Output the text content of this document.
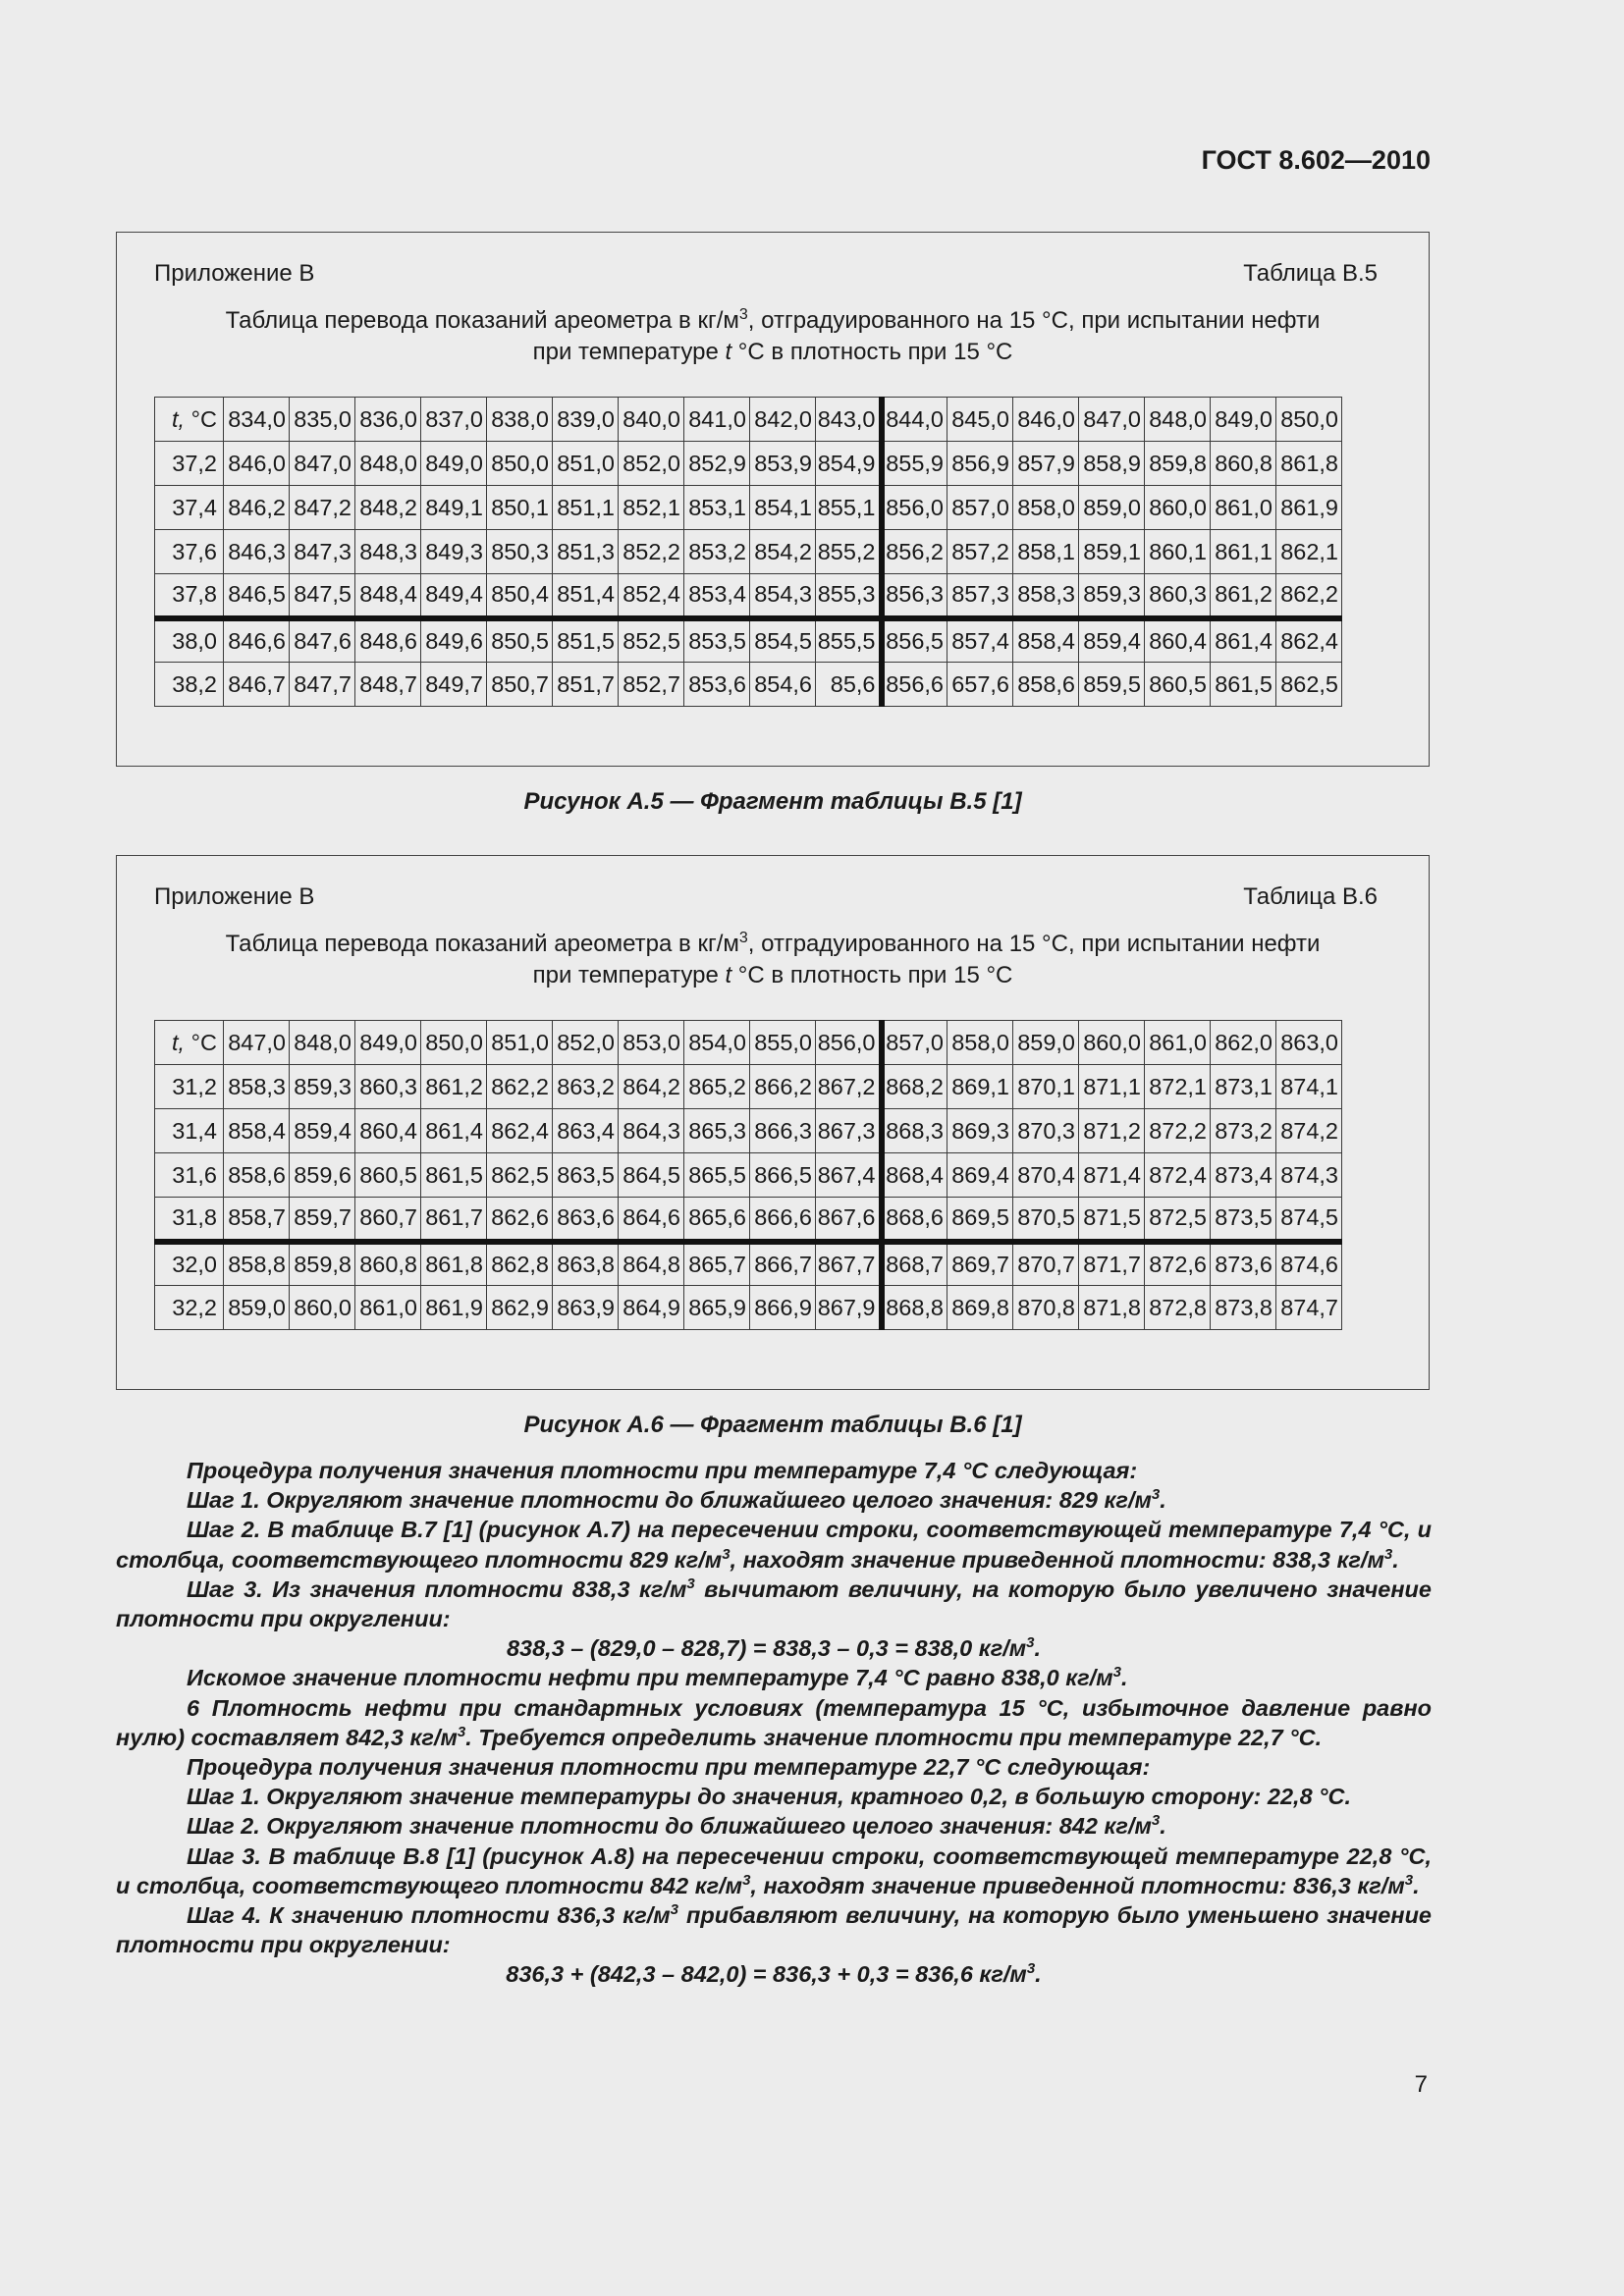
ГОСТ 8.602—2010
Приложение В	Таблица В.5
Таблица перевода показаний ареометра в $кг/м^3$, отградуированного на 15 °С, при испытании нефти
при температуре t °С в плотность при 15 °С
t, °С	834,0	835,0	836,0	837,0	838,0	839,0	840,0	841,0	842,0	843,0	844,0	845,0	846,0	847,0	848,0	849,0	850,0
37,2	846,0	847,0	848,0	849,0	850,0	851,0	852,0	852,9	853,9	854,9	855,9	856,9	857,9	858,9	859,8	860,8	861,8
37,4	846,2	847,2	848,2	849,1	850,1	851,1	852,1	853,1	854,1	855,1	856,0	857,0	858,0	859,0	860,0	861,0	861,9
37,6	846,3	847,3	848,3	849,3	850,3	851,3	852,2	853,2	854,2	855,2	856,2	857,2	858,1	859,1	860,1	861,1	862,1
37,8	846,5	847,5	848,4	849,4	850,4	851,4	852,4	853,4	854,3	855,3	856,3	857,3	858,3	859,3	860,3	861,2	862,2
38,0	846,6	847,6	848,6	849,6	850,5	851,5	852,5	853,5	854,5	855,5	856,5	857,4	858,4	859,4	860,4	861,4	862,4
38,2	846,7	847,7	848,7	849,7	850,7	851,7	852,7	853,6	854,6	85,6	856,6	657,6	858,6	859,5	860,5	861,5	862,5
Рисунок А.5 — Фрагмент таблицы В.5 [1]
Приложение В	Таблица В.6
Таблица перевода показаний ареометра в $кг/м^3$, отградуированного на 15 °С, при испытании нефти
при температуре t °С в плотность при 15 °С
t, °С	847,0	848,0	849,0	850,0	851,0	852,0	853,0	854,0	855,0	856,0	857,0	858,0	859,0	860,0	861,0	862,0	863,0
31,2	858,3	859,3	860,3	861,2	862,2	863,2	864,2	865,2	866,2	867,2	868,2	869,1	870,1	871,1	872,1	873,1	874,1
31,4	858,4	859,4	860,4	861,4	862,4	863,4	864,3	865,3	866,3	867,3	868,3	869,3	870,3	871,2	872,2	873,2	874,2
31,6	858,6	859,6	860,5	861,5	862,5	863,5	864,5	865,5	866,5	867,4	868,4	869,4	870,4	871,4	872,4	873,4	874,3
31,8	858,7	859,7	860,7	861,7	862,6	863,6	864,6	865,6	866,6	867,6	868,6	869,5	870,5	871,5	872,5	873,5	874,5
32,0	858,8	859,8	860,8	861,8	862,8	863,8	864,8	865,7	866,7	867,7	868,7	869,7	870,7	871,7	872,6	873,6	874,6
32,2	859,0	860,0	861,0	861,9	862,9	863,9	864,9	865,9	866,9	867,9	868,8	869,8	870,8	871,8	872,8	873,8	874,7
Рисунок А.6 — Фрагмент таблицы В.6 [1]

Процедура получения значения плотности при температуре 7,4 °С следующая:

Шаг 1. Округляют значение плотности до ближайшего целого значения: 829 $кг/м^3$.

Шаг 2. В таблице В.7 [1] (рисунок А.7) на пересечении строки, соответствующей температуре 7,4 °С, и столбца, соответствующего плотности 829 $кг/м^3$, находят значение приведенной плотности: 838,3 $кг/м^3$.

Шаг 3. Из значения плотности 838,3 $кг/м^3$ вычитают величину, на которую было увеличено значение плотности при округлении:

838,3 – (829,0 – 828,7) = 838,3 – 0,3 = 838,0 $кг/м^3$.

Искомое значение плотности нефти при температуре 7,4 °С равно 838,0 $кг/м^3$.

6 Плотность нефти при стандартных условиях (температура 15 °С, избыточное давление равно нулю) составляет 842,3 $кг/м^3$. Требуется определить значение плотности при температуре 22,7 °С.

Процедура получения значения плотности при температуре 22,7 °С следующая:

Шаг 1. Округляют значение температуры до значения, кратного 0,2, в большую сторону: 22,8 °С.

Шаг 2. Округляют значение плотности до ближайшего целого значения: 842 $кг/м^3$.

Шаг 3. В таблице В.8 [1] (рисунок А.8) на пересечении строки, соответствующей температуре 22,8 °С, и столбца, соответствующего плотности 842 $кг/м^3$, находят значение приведенной плотности: 836,3 $кг/м^3$.

Шаг 4. К значению плотности 836,3 $кг/м^3$ прибавляют величину, на которую было уменьшено значение плотности при округлении:

836,3 + (842,3 – 842,0) = 836,3 + 0,3 = 836,6 $кг/м^3$.

7
